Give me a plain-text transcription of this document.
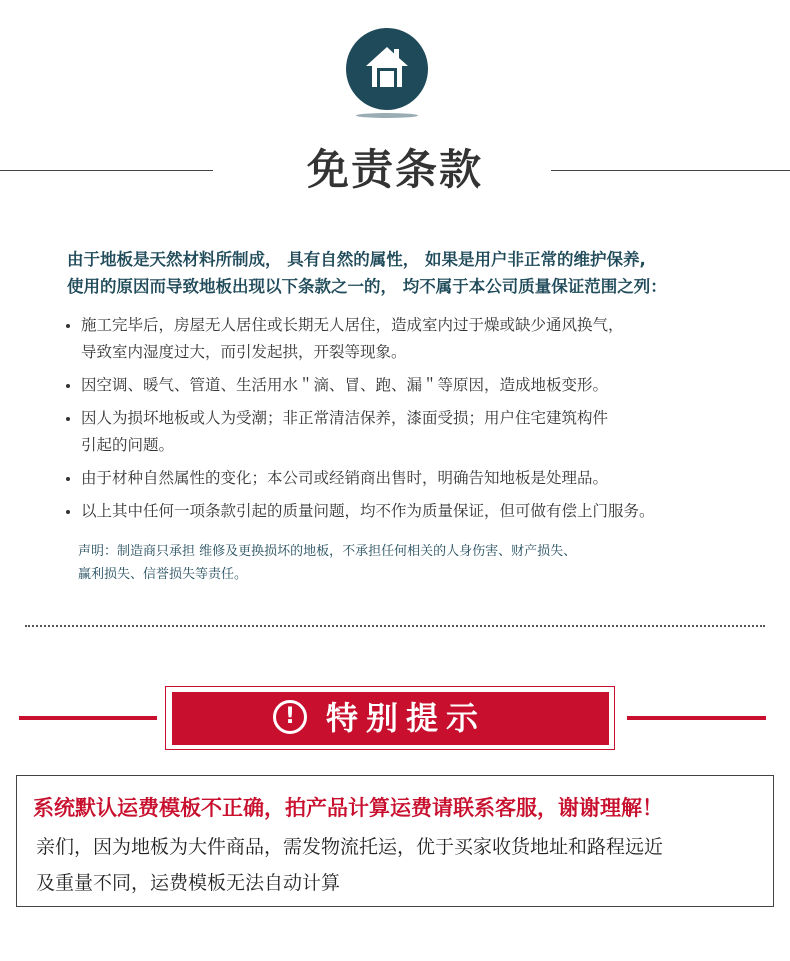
免责条款
由于地板是天然材料所制成， 具有自然的属性， 如果是用户非正常的维护保养,
使用的原因而导致地板出现以下条款之一的， 均不属于本公司质量保证范围之列：
施工完毕后，房屋无人居住或长期无人居住，造成室内过于燥或缺少通风换气，
导致室内湿度过大，而引发起拱，开裂等现象。
因空调、暖气、管道、生活用水＂滴、冒、跑、漏＂等原因，造成地板变形。
因人为损坏地板或人为受潮；非正常清洁保养，漆面受损；用户住宅建筑构件
引起的问题。
由于材种自然属性的变化；本公司或经销商出售时，明确告知地板是处理品。
以上其中任何一项条款引起的质量问题，均不作为质量保证，但可做有偿上门服务。
声明：制造商只承担 维修及更换损坏的地板，不承担任何相关的人身伤害、财产损失、
赢利损失、信誉损失等责任。
! 特别提示
系统默认运费模板不正确，拍产品计算运费请联系客服，谢谢理解！
亲们，因为地板为大件商品，需发物流托运，优于买家收货地址和路程远近
及重量不同，运费模板无法自动计算
